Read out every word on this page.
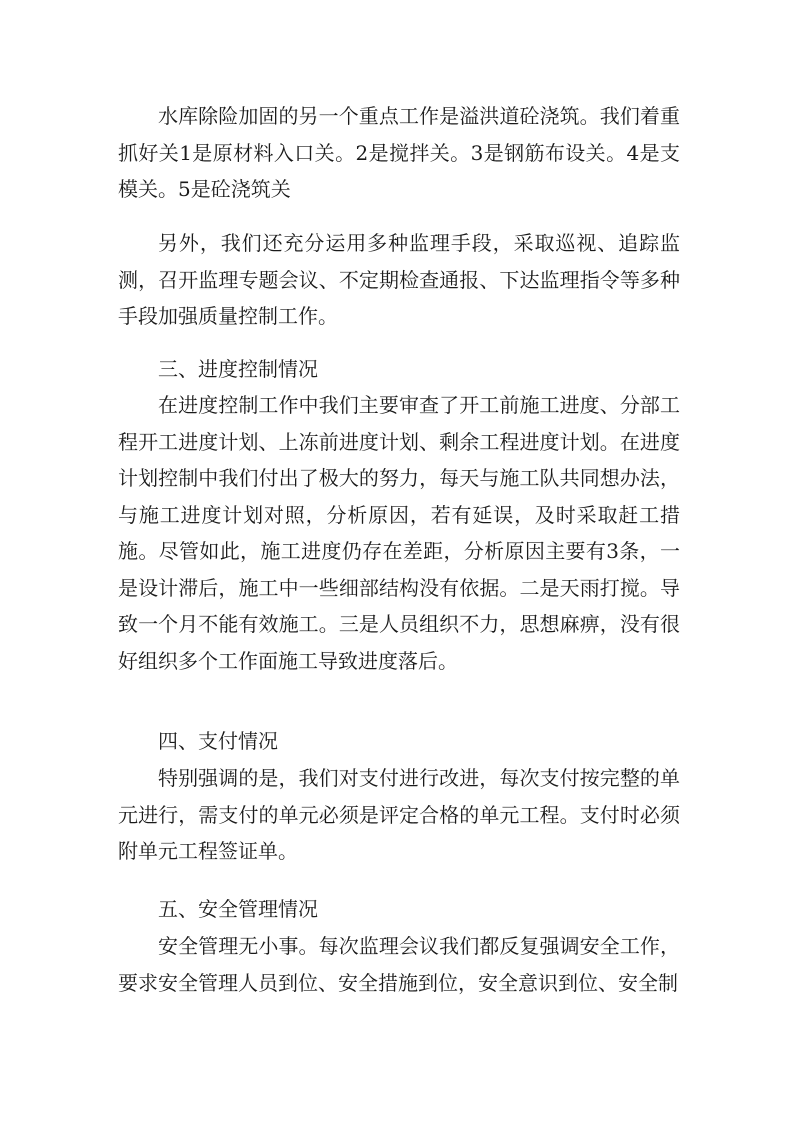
水库除险加固的另一个重点工作是溢洪道砼浇筑。我们着重抓好关1是原材料入口关。2是搅拌关。3是钢筋布设关。4是支模关。5是砼浇筑关

另外，我们还充分运用多种监理手段，采取巡视、追踪监测，召开监理专题会议、不定期检查通报、下达监理指令等多种手段加强质量控制工作。

三、进度控制情况

在进度控制工作中我们主要审查了开工前施工进度、分部工程开工进度计划、上冻前进度计划、剩余工程进度计划。在进度计划控制中我们付出了极大的努力，每天与施工队共同想办法，与施工进度计划对照，分析原因，若有延误，及时采取赶工措施。尽管如此，施工进度仍存在差距，分析原因主要有3条，一是设计滞后，施工中一些细部结构没有依据。二是天雨打搅。导致一个月不能有效施工。三是人员组织不力，思想麻痹，没有很好组织多个工作面施工导致进度落后。

四、支付情况

特别强调的是，我们对支付进行改进，每次支付按完整的单元进行，需支付的单元必须是评定合格的单元工程。支付时必须附单元工程签证单。

五、安全管理情况

安全管理无小事。每次监理会议我们都反复强调安全工作，要求安全管理人员到位、安全措施到位，安全意识到位、安全制
